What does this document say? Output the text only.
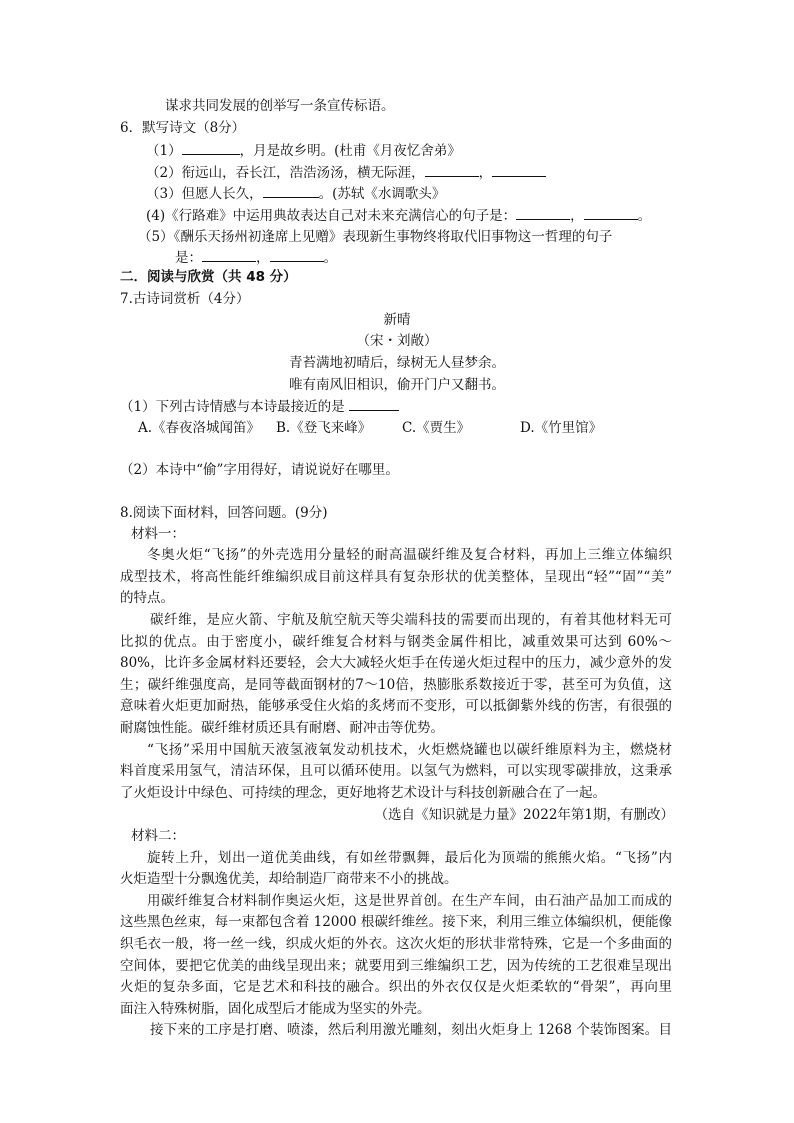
谋求共同发展的创举写一条宣传标语。
6．默写诗文（8分）
（1）	，月是故乡明。(杜甫《月夜忆舍弟》
（2）衔远山，吞长江，浩浩汤汤，横无际涯，	，
（3）但愿人长久，	。(苏轼《水调歌头》
(4)《行路难》中运用典故表达自己对未来充满信心的句子是：	，	。
（5）《酬乐天扬州初逢席上见赠》表现新生事物终将取代旧事物这一哲理的句子
是：	，	。
二．阅读与欣赏（共 48 分）
7.古诗词赏析（4分）
新晴
（宋・刘敞）
青苔满地初晴后，绿树无人昼梦余。
唯有南风旧相识，偷开门户又翻书。
（1）下列古诗情感与本诗最接近的是
A.《春夜洛城闻笛》 B.《登飞来峰》 C.《贾生》	D.《竹里馆》
（2）本诗中“偷”字用得好，请说说好在哪里。
8.阅读下面材料，回答问题。(9分)
材料一：
冬奥火炬“飞扬”的外壳选用分量轻的耐高温碳纤维及复合材料，再加上三维立体编织
成型技术，将高性能纤维编织成目前这样具有复杂形状的优美整体，呈现出“轻”“固”“美”
的特点。
碳纤维，是应火箭、宇航及航空航天等尖端科技的需要而出现的，有着其他材料无可
比拟的优点。由于密度小，碳纤维复合材料与钢类金属件相比，减重效果可达到 60%～
80%，比许多金属材料还要轻，会大大减轻火炬手在传递火炬过程中的压力，减少意外的发
生；碳纤维强度高，是同等截面钢材的7～10倍，热膨胀系数接近于零，甚至可为负值，这
意味着火炬更加耐热，能够承受住火焰的炙烤而不变形，可以抵御紫外线的伤害，有很强的
耐腐蚀性能。碳纤维材质还具有耐磨、耐冲击等优势。
“飞扬”采用中国航天液氢液氧发动机技术，火炬燃烧罐也以碳纤维原料为主，燃烧材
料首度采用氢气，清洁环保，且可以循环使用。以氢气为燃料，可以实现零碳排放，这秉承
了火炬设计中绿色、可持续的理念，更好地将艺术设计与科技创新融合在了一起。
（选自《知识就是力量》2022年第1期，有删改）
材料二：
旋转上升，划出一道优美曲线，有如丝带飘舞，最后化为顶端的熊熊火焰。“飞扬”内
火炬造型十分飘逸优美，却给制造厂商带来不小的挑战。
用碳纤维复合材料制作奥运火炬，这是世界首创。在生产车间，由石油产品加工而成的
这些黑色丝束，每一束都包含着 12000 根碳纤维丝。接下来，利用三维立体编织机，便能像
织毛衣一般，将一丝一线，织成火炬的外衣。这次火炬的形状非常特殊，它是一个多曲面的
空间体，要把它优美的曲线呈现出来；就要用到三维编织工艺，因为传统的工艺很难呈现出
火炬的复杂多面，它是艺术和科技的融合。织出的外衣仅仅是火炬柔软的“骨架”，再向里
面注入特殊树脂，固化成型后才能成为坚实的外壳。
接下来的工序是打磨、喷漆，然后利用激光雕刻，刻出火炬身上 1268 个装饰图案。目
